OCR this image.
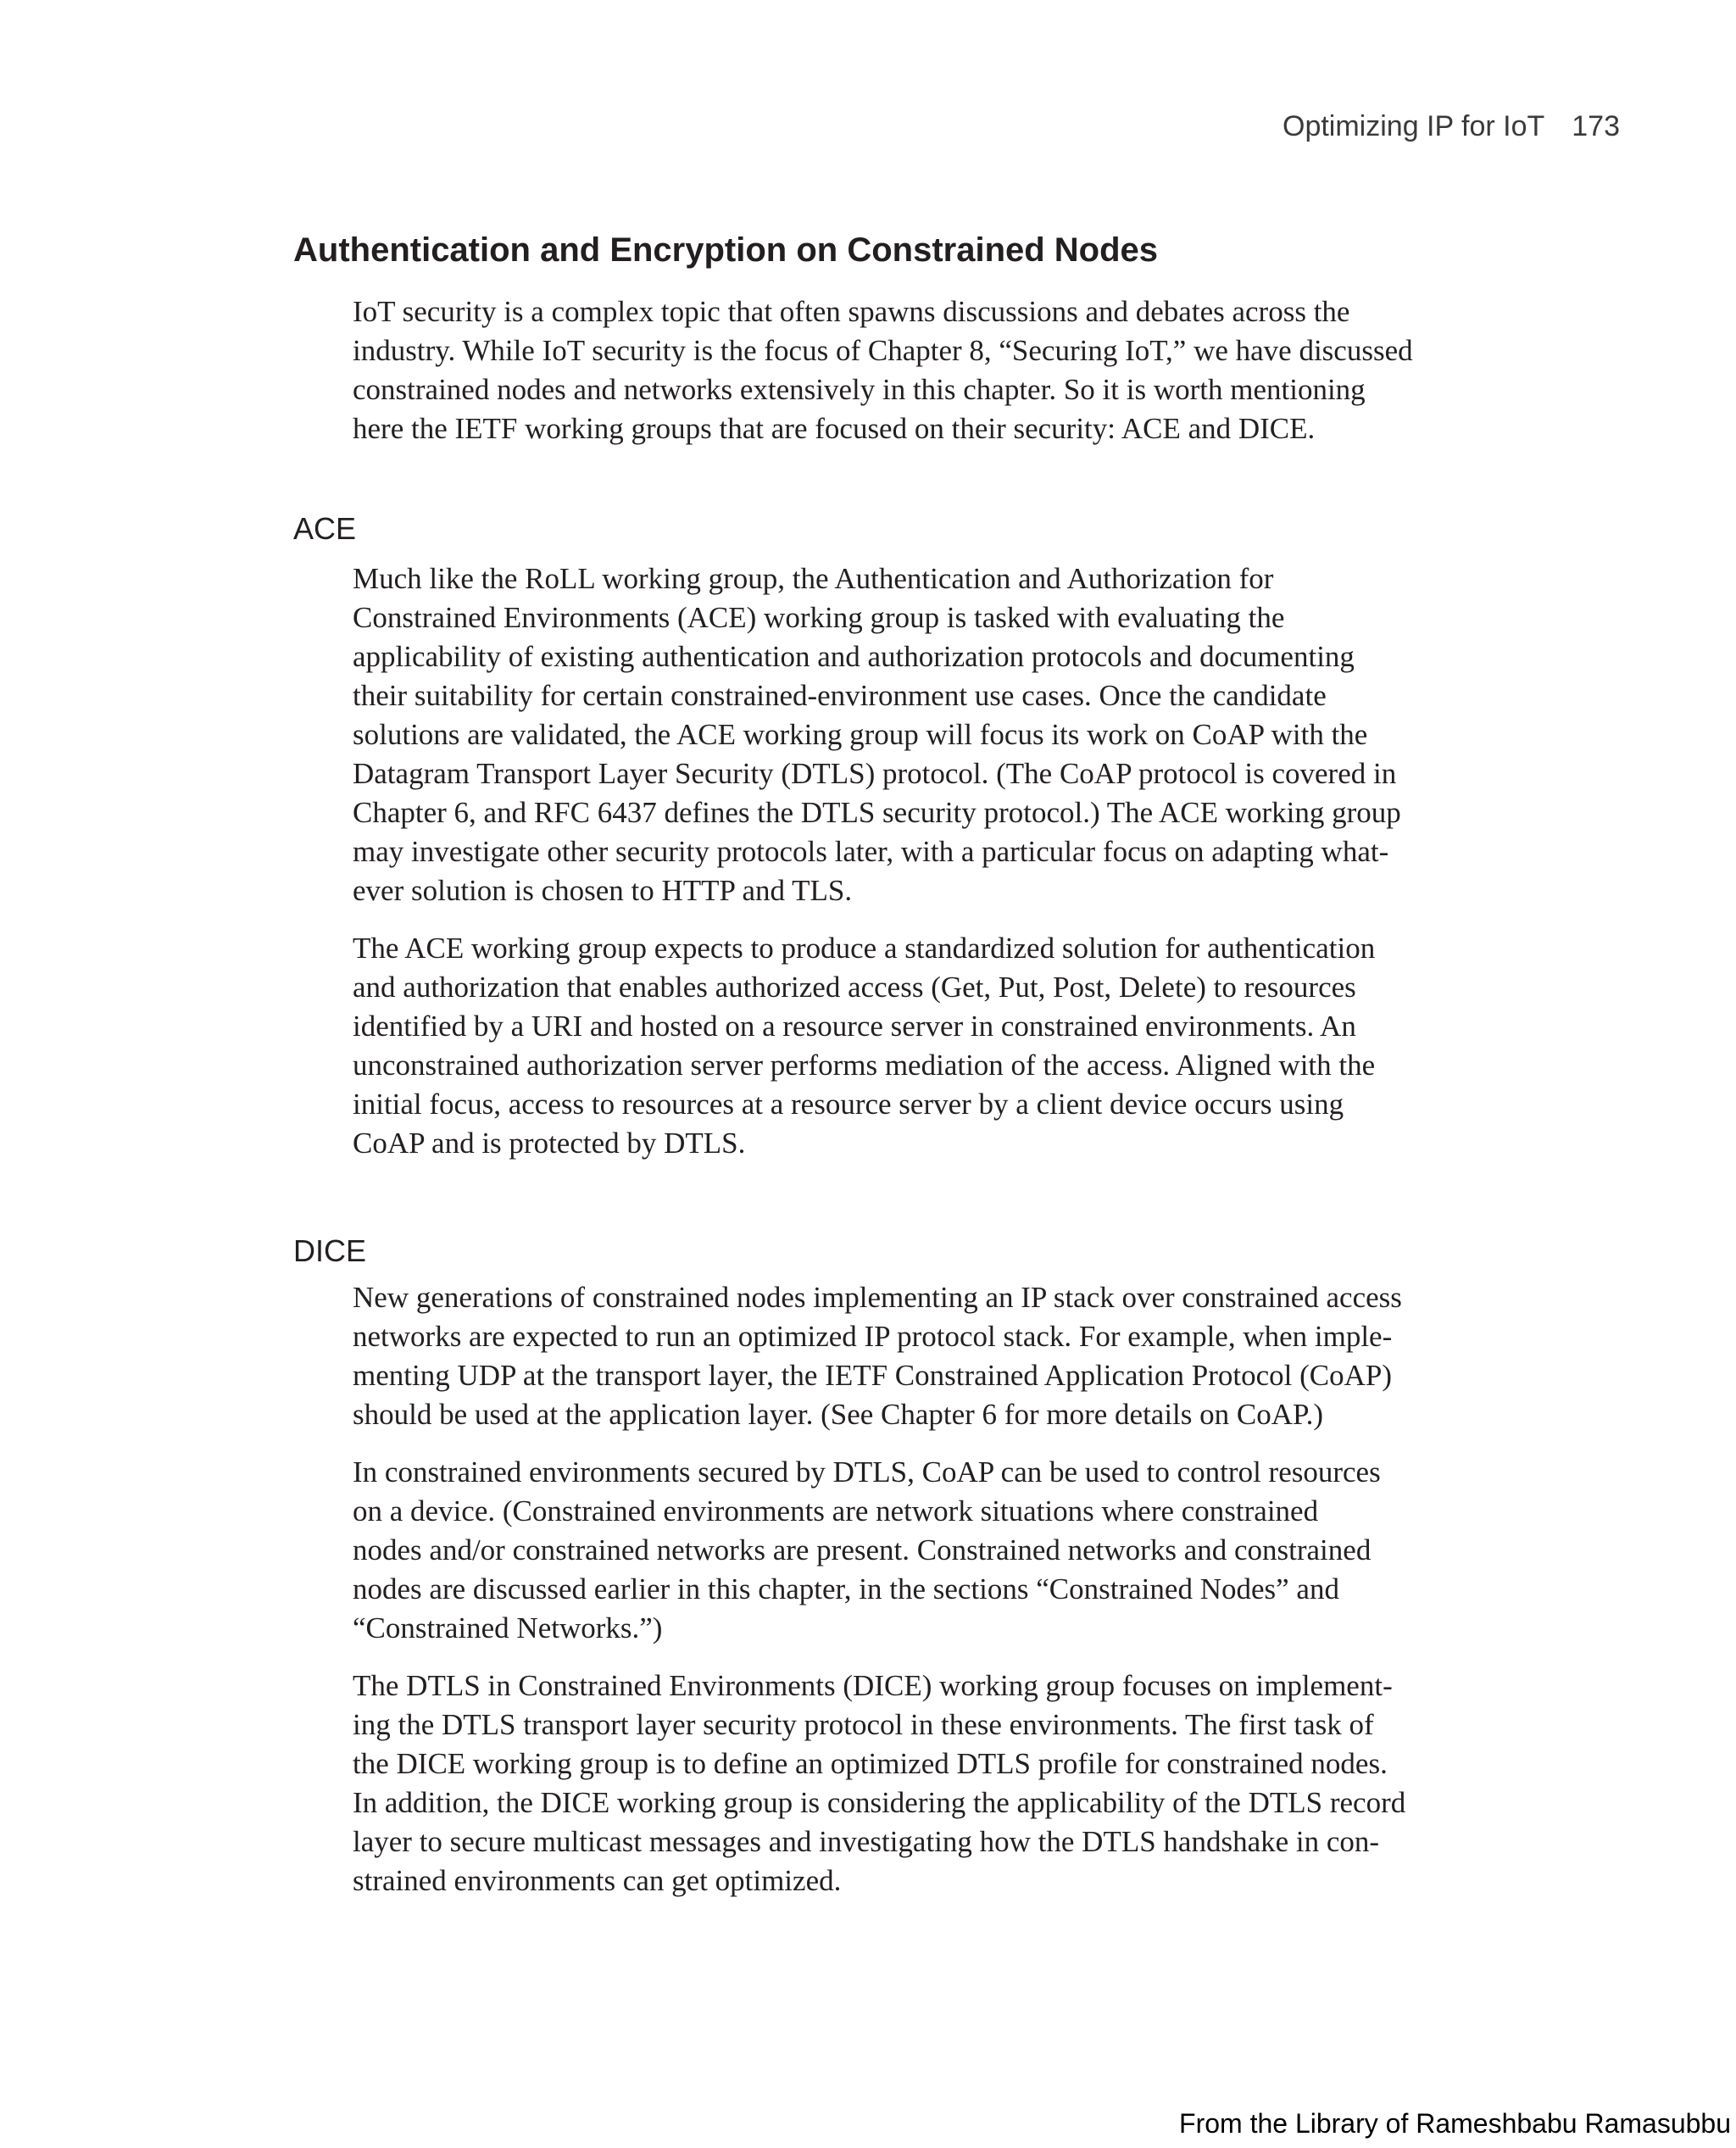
Optimizing IP for IoT 173
Authentication and Encryption on Constrained Nodes
IoT security is a complex topic that often spawns discussions and debates across the
industry. While IoT security is the focus of Chapter 8, “Securing IoT,” we have discussed
constrained nodes and networks extensively in this chapter. So it is worth mentioning
here the IETF working groups that are focused on their security: ACE and DICE.
ACE
Much like the RoLL working group, the Authentication and Authorization for
Constrained Environments (ACE) working group is tasked with evaluating the
applicability of existing authentication and authorization protocols and documenting
their suitability for certain constrained-environment use cases. Once the candidate
solutions are validated, the ACE working group will focus its work on CoAP with the
Datagram Transport Layer Security (DTLS) protocol. (The CoAP protocol is covered in
Chapter 6, and RFC 6437 defines the DTLS security protocol.) The ACE working group
may investigate other security protocols later, with a particular focus on adapting what-
ever solution is chosen to HTTP and TLS.
The ACE working group expects to produce a standardized solution for authentication
and authorization that enables authorized access (Get, Put, Post, Delete) to resources
identified by a URI and hosted on a resource server in constrained environments. An
unconstrained authorization server performs mediation of the access. Aligned with the
initial focus, access to resources at a resource server by a client device occurs using
CoAP and is protected by DTLS.
DICE
New generations of constrained nodes implementing an IP stack over constrained access
networks are expected to run an optimized IP protocol stack. For example, when imple-
menting UDP at the transport layer, the IETF Constrained Application Protocol (CoAP)
should be used at the application layer. (See Chapter 6 for more details on CoAP.)
In constrained environments secured by DTLS, CoAP can be used to control resources
on a device. (Constrained environments are network situations where constrained
nodes and/or constrained networks are present. Constrained networks and constrained
nodes are discussed earlier in this chapter, in the sections “Constrained Nodes” and
“Constrained Networks.”)
The DTLS in Constrained Environments (DICE) working group focuses on implement-
ing the DTLS transport layer security protocol in these environments. The first task of
the DICE working group is to define an optimized DTLS profile for constrained nodes.
In addition, the DICE working group is considering the applicability of the DTLS record
layer to secure multicast messages and investigating how the DTLS handshake in con-
strained environments can get optimized.
From the Library of Rameshbabu Ramasubbu
